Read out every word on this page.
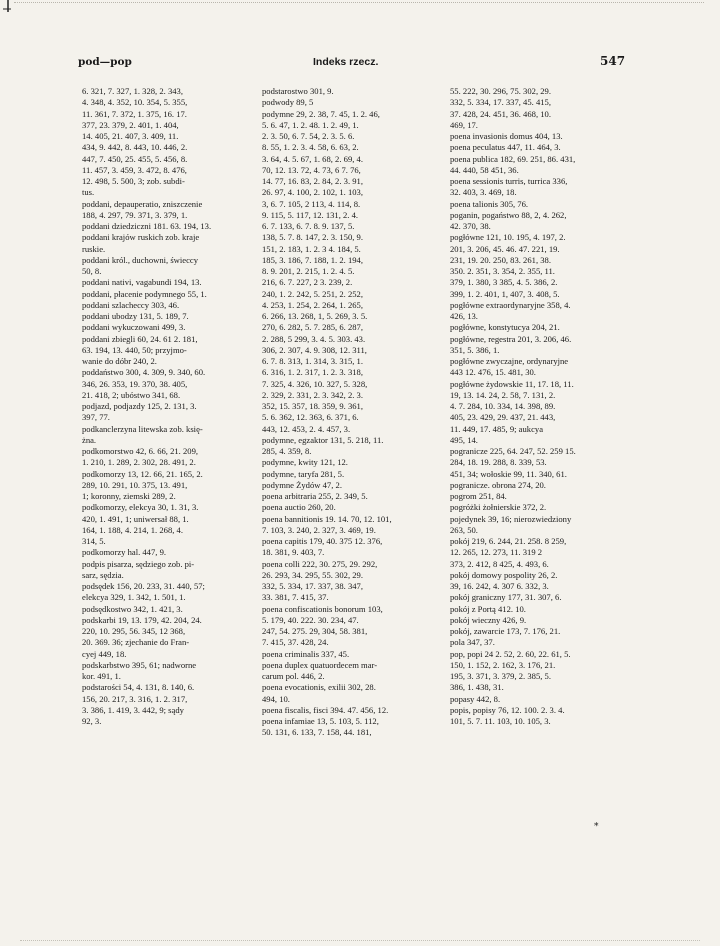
pod—pop	Indeks rzecz.	547
6. 321, 7. 327, 1. 328, 2. 343,
4. 348, 4. 352, 10. 354, 5. 355,
11. 361, 7. 372, 1. 375, 16. 17.
377, 23. 379, 2. 401, 1. 404,
14. 405, 21. 407, 3. 409, 11.
434, 9. 442, 8. 443, 10. 446, 2.
447, 7. 450, 25. 455, 5. 456, 8.
11. 457, 3. 459, 3. 472, 8. 476,
12. 498, 5. 500, 3; zob. subdi-
tus.
poddani, depauperatio, zniszczenie
188, 4. 297, 79. 371, 3. 379, 1.
poddani dziedziczni 181. 63. 194, 13.
poddani krajów ruskich zob. kraje
ruskie.
poddani król., duchowni, świeccy
50, 8.
poddani nativi, vagabundi 194, 13.
poddani, płacenie podymnego 55, 1.
poddani szlacheccy 303, 46.
poddani ubodzy 131, 5. 189, 7.
poddani wykuczowani 499, 3.
poddani zbiegli 60, 24. 61 2. 181,
63. 194, 13. 440, 50; przyjmo-
wanie do dóbr 240, 2.
poddaństwo 300, 4. 309, 9. 340, 60.
346, 26. 353, 19. 370, 38. 405,
21. 418, 2; ubóstwo 341, 68.
podjazd, podjazdy 125, 2. 131, 3.
397, 77.
podkanclerzyna litewska zob. księ-
żna.
podkomorstwo 42, 6. 66, 21. 209,
1. 210, 1. 289, 2. 302, 28. 491, 2.
podkomorzy 13, 12. 66, 21. 165, 2.
289, 10. 291, 10. 375, 13. 491,
1; koronny, ziemski 289, 2.
podkomorzy, elekcya 30, 1. 31, 3.
420, 1. 491, 1; uniwersał 88, 1.
164, 1. 188, 4. 214, 1. 268, 4.
314, 5.
podkomorzy hal. 447, 9.
podpis pisarza, sędziego zob. pi-
sarz, sędzia.
podsędek 156, 20. 233, 31. 440, 57;
elekcya 329, 1. 342, 1. 501, 1.
podsędkostwo 342, 1. 421, 3.
podskarbi 19, 13. 179, 42. 204, 24.
220, 10. 295, 56. 345, 12 368,
20. 369. 36; zjechanie do Fran-
cyej 449, 18.
podskarbstwo 395, 61; nadworne
kor. 491, 1.
podstarości 54, 4. 131, 8. 140, 6.
156, 20. 217, 3. 316, 1. 2. 317,
3. 386, 1. 419, 3. 442, 9; sądy
92, 3.
podstarostwo 301, 9.
podwody 89, 5
podymne 29, 2. 38, 7. 45, 1. 2. 46,
5. 6. 47, 1. 2. 48. 1. 2. 49, 1.
2. 3. 50, 6. 7. 54, 2. 3. 5. 6.
8. 55, 1. 2. 3. 4. 58, 6. 63, 2.
3. 64, 4. 5. 67, 1. 68, 2. 69, 4.
70, 12. 13. 72, 4. 73, 6 7. 76,
14. 77, 16. 83, 2. 84, 2. 3. 91,
26. 97, 4. 100, 2. 102, 1. 103,
3, 6. 7. 105, 2 113, 4. 114, 8.
9. 115, 5. 117, 12. 131, 2. 4.
6. 7. 133, 6. 7. 8. 9. 137, 5.
138, 5. 7. 8. 147, 2. 3. 150, 9.
151, 2. 183, 1. 2. 3 4. 184, 5.
185, 3. 186, 7. 188, 1. 2. 194,
8. 9. 201, 2. 215, 1. 2. 4. 5.
216, 6. 7. 227, 2 3. 239, 2.
240, 1. 2. 242, 5. 251, 2. 252,
4. 253, 1. 254, 2. 264, 1. 265,
6. 266, 13. 268, 1, 5. 269, 3. 5.
270, 6. 282, 5. 7. 285, 6. 287,
2. 288, 5 299, 3. 4. 5. 303. 43.
306, 2. 307, 4. 9. 308, 12. 311,
6. 7. 8. 313, 1. 314, 3. 315, 1.
6. 316, 1. 2. 317, 1. 2. 3. 318,
7. 325, 4. 326, 10. 327, 5. 328,
2. 329, 2. 331, 2. 3. 342, 2. 3.
352, 15. 357, 18. 359, 9. 361,
5. 6. 362, 12. 363, 6. 371, 6.
443, 12. 453, 2. 4. 457, 3.
podymne, egzaktor 131, 5. 218, 11.
285, 4. 359, 8.
podymne, kwity 121, 12.
podymne, taryfa 281, 5.
podymne Żydów 47, 2.
poena arbitraria 255, 2. 349, 5.
poena auctio 260, 20.
poena bannitionis 19. 14. 70, 12. 101,
7. 103, 3. 240, 2. 327, 3. 469, 19.
poena capitis 179, 40. 375 12. 376,
18. 381, 9. 403, 7.
poena colli 222, 30. 275, 29. 292,
26. 293, 34. 295, 55. 302, 29.
332, 5. 334, 17. 337, 38. 347,
33. 381, 7. 415, 37.
poena confiscationis bonorum 103,
5. 179, 40. 222. 30. 234, 47.
247, 54. 275. 29, 304, 58. 381,
7. 415, 37. 428, 24.
poena criminalis 337, 45.
poena duplex quatuordecem mar-
carum pol. 446, 2.
poena evocationis, exilii 302, 28.
494, 10.
poena fiscalis, fisci 394. 47. 456, 12.
poena infamiae 13, 5. 103, 5. 112,
50. 131, 6. 133, 7. 158, 44. 181,
55. 222, 30. 296, 75. 302, 29.
332, 5. 334, 17. 337, 45. 415,
37. 428, 24. 451, 36. 468, 10.
469, 17.
poena invasionis domus 404, 13.
poena peculatus 447, 11. 464, 3.
poena publica 182, 69. 251, 86. 431,
44. 440, 58 451, 36.
poena sessionis turris, turrica 336,
32. 403, 3. 469, 18.
poena talionis 305, 76.
poganin, pogaństwo 88, 2, 4. 262,
42. 370, 38.
pogłówne 121, 10. 195, 4. 197, 2.
201, 3. 206, 45. 46. 47. 221, 19.
231, 19. 20. 250, 83. 261, 38.
350. 2. 351, 3. 354, 2. 355, 11.
379, 1. 380, 3 385, 4. 5. 386, 2.
399, 1. 2. 401, 1, 407, 3. 408, 5.
pogłówne extraordynaryjne 358, 4.
426, 13.
pogłówne, konstytucya 204, 21.
pogłówne, regestra 201, 3. 206, 46.
351, 5. 386, 1.
pogłówne zwyczajne, ordynaryjne
443 12. 476, 15. 481, 30.
pogłówne żydowskie 11, 17. 18, 11.
19, 13. 14. 24, 2. 58, 7. 131, 2.
4. 7. 284, 10. 334, 14. 398, 89.
405, 23. 429, 29. 437, 21. 443,
11. 449, 17. 485, 9; aukcya
495, 14.
pogranicze 225, 64. 247, 52. 259 15.
284, 18. 19. 288, 8. 339, 53.
451, 34; wołoskie 99, 11. 340, 61.
pogranicze. obrona 274, 20.
pogrom 251, 84.
pogróżki żołnierskie 372, 2.
pojedynek 39, 16; nierozwiedziony
263, 50.
pokój 219, 6. 244, 21. 258. 8 259,
12. 265, 12. 273, 11. 319 2
373, 2. 412, 8 425, 4. 493, 6.
pokój domowy pospolity 26, 2.
39, 16. 242, 4. 307 6. 332, 3.
pokój graniczny 177, 31. 307, 6.
pokój z Portą 412. 10.
pokój wieczny 426, 9.
pokój, zawarcie 173, 7. 176, 21.
pola 347, 37.
pop, popi 24 2. 52, 2. 60, 22. 61, 5.
150, 1. 152, 2. 162, 3. 176, 21.
195, 3. 371, 3. 379, 2. 385, 5.
386, 1. 438, 31.
popasy 442, 8.
popis, popisy 76, 12. 100. 2. 3. 4.
101, 5. 7. 11. 103, 10. 105, 3.
*
